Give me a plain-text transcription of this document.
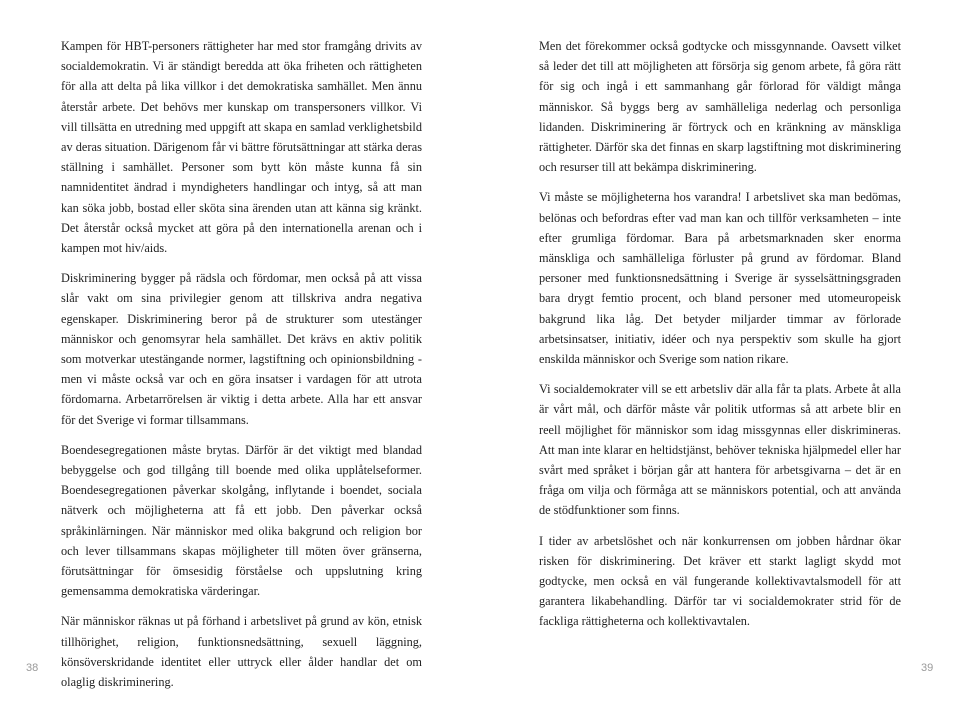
Kampen för HBT-personers rättigheter har med stor framgång drivits av socialdemokratin. Vi är ständigt beredda att öka friheten och rättigheten för alla att delta på lika villkor i det demokratiska samhället. Men ännu återstår arbete. Det behövs mer kunskap om transpersoners villkor. Vi vill tillsätta en utredning med uppgift att skapa en samlad verklighetsbild av deras situation. Därigenom får vi bättre förutsättningar att stärka deras ställning i samhället. Personer som bytt kön måste kunna få sin namnidentitet ändrad i myndigheters handlingar och intyg, så att man kan söka jobb, bostad eller sköta sina ärenden utan att känna sig kränkt. Det återstår också mycket att göra på den internationella arenan och i kampen mot hiv/aids.

Diskriminering bygger på rädsla och fördomar, men också på att vissa slår vakt om sina privilegier genom att tillskriva andra negativa egenskaper. Diskriminering beror på de strukturer som utestänger människor och genomsyrar hela samhället. Det krävs en aktiv politik som motverkar utestängande normer, lagstiftning och opinionsbildning - men vi måste också var och en göra insatser i vardagen för att utrota fördomarna. Arbetarrörelsen är viktig i detta arbete. Alla har ett ansvar för det Sverige vi formar tillsammans.

Boendesegregationen måste brytas. Därför är det viktigt med blandad bebyggelse och god tillgång till boende med olika upplåtelseformer. Boendesegregationen påverkar skolgång, inflytande i boendet, sociala nätverk och möjligheterna att få ett jobb. Den påverkar också språkinlärningen. När människor med olika bakgrund och religion bor och lever tillsammans skapas möjligheter till möten över gränserna, förutsättningar för ömsesidig förståelse och uppslutning kring gemensamma demokratiska värderingar.

När människor räknas ut på förhand i arbetslivet på grund av kön, etnisk tillhörighet, religion, funktionsnedsättning, sexuell läggning, könsöverskridande identitet eller uttryck eller ålder handlar det om olaglig diskriminering.

Men det förekommer också godtycke och missgynnande. Oavsett vilket så leder det till att möjligheten att försörja sig genom arbete, få göra rätt för sig och ingå i ett sammanhang går förlorad för väldigt många människor. Så byggs berg av samhälleliga nederlag och personliga lidanden. Diskriminering är förtryck och en kränkning av mänskliga rättigheter. Därför ska det finnas en skarp lagstiftning mot diskriminering och resurser till att bekämpa diskriminering.

Vi måste se möjligheterna hos varandra! I arbetslivet ska man bedömas, belönas och befordras efter vad man kan och tillför verksamheten – inte efter grumliga fördomar. Bara på arbetsmarknaden sker enorma mänskliga och samhälleliga förluster på grund av fördomar. Bland personer med funktionsnedsättning i Sverige är sysselsättningsgraden bara drygt femtio procent, och bland personer med utomeuropeisk bakgrund lika låg. Det betyder miljarder timmar av förlorade arbetsinsatser, initiativ, idéer och nya perspektiv som skulle ha gjort enskilda människor och Sverige som nation rikare.

Vi socialdemokrater vill se ett arbetsliv där alla får ta plats. Arbete åt alla är vårt mål, och därför måste vår politik utformas så att arbete blir en reell möjlighet för människor som idag missgynnas eller diskrimineras. Att man inte klarar en heltidstjänst, behöver tekniska hjälpmedel eller har svårt med språket i början går att hantera för arbetsgivarna – det är en fråga om vilja och förmåga att se människors potential, och att använda de stödfunktioner som finns.

I tider av arbetslöshet och när konkurrensen om jobben hårdnar ökar risken för diskriminering. Det kräver ett starkt lagligt skydd mot godtycke, men också en väl fungerande kollektivavtalsmodell för att garantera likabehandling. Därför tar vi socialdemokrater strid för de fackliga rättigheterna och kollektivavtalen.

38	39
